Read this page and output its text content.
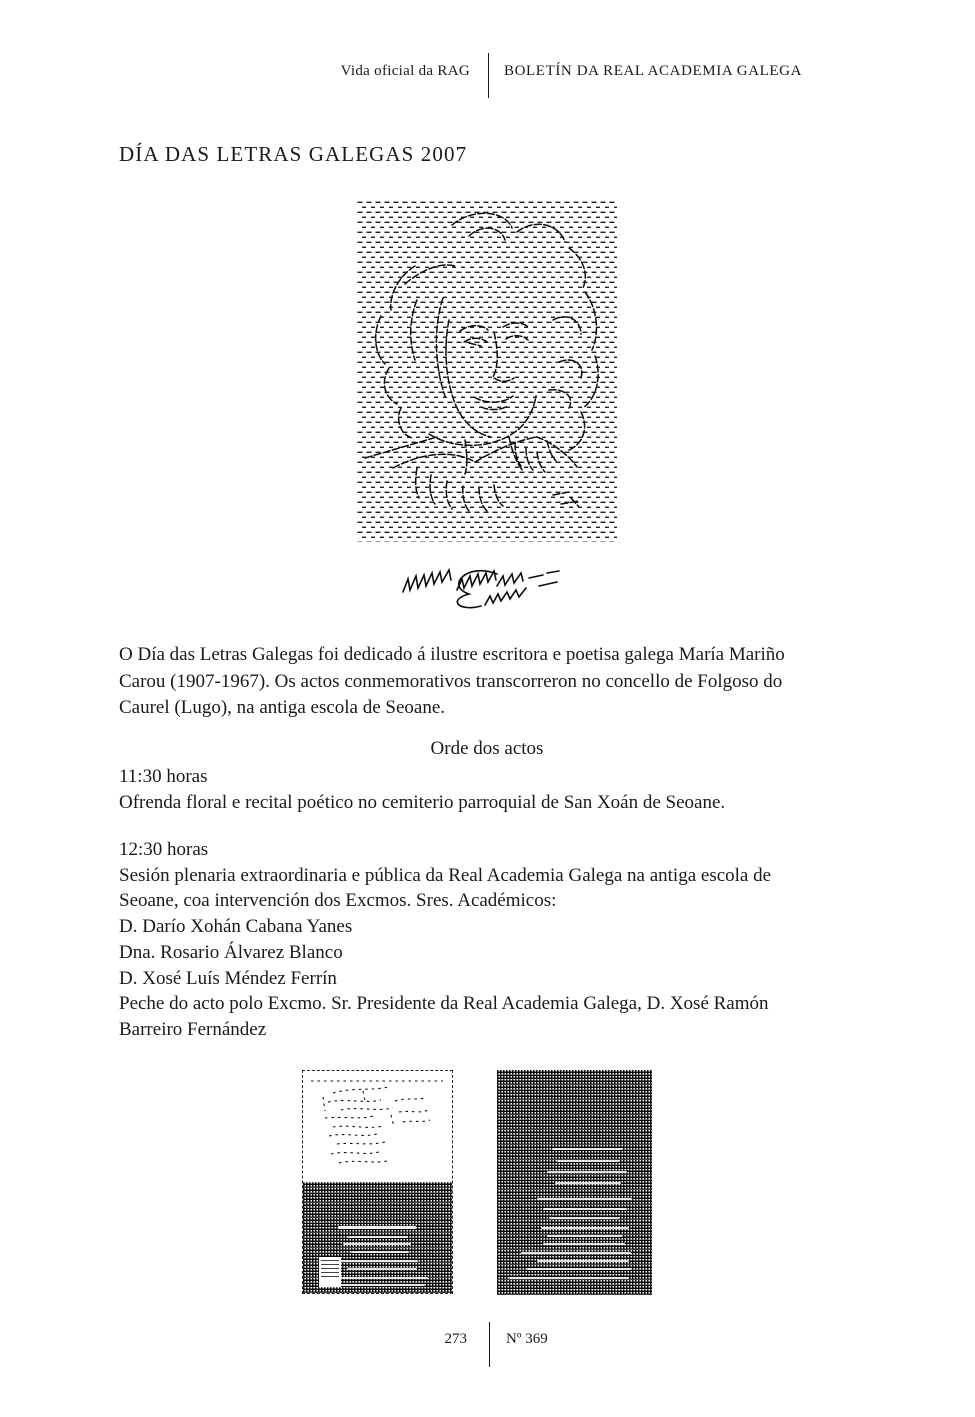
Vida oficial da RAG BOLETÍN DA REAL ACADEMIA GALEGA
DÍA DAS LETRAS GALEGAS 2007
O Día das Letras Galegas foi dedicado á ilustre escritora e poetisa galega María Mariño
Carou (1907-1967). Os actos conmemorativos transcorreron no concello de Folgoso do
Caurel (Lugo), na antiga escola de Seoane.
Orde dos actos
11:30 horas
Ofrenda floral e recital poético no cemiterio parroquial de San Xoán de Seoane.
12:30 horas
Sesión plenaria extraordinaria e pública da Real Academia Galega na antiga escola de
Seoane, coa intervención dos Excmos. Sres. Académicos:
D. Darío Xohán Cabana Yanes
Dna. Rosario Álvarez Blanco
D. Xosé Luís Méndez Ferrín
Peche do acto polo Excmo. Sr. Presidente da Real Academia Galega, D. Xosé Ramón
Barreiro Fernández
273	Nº 369
